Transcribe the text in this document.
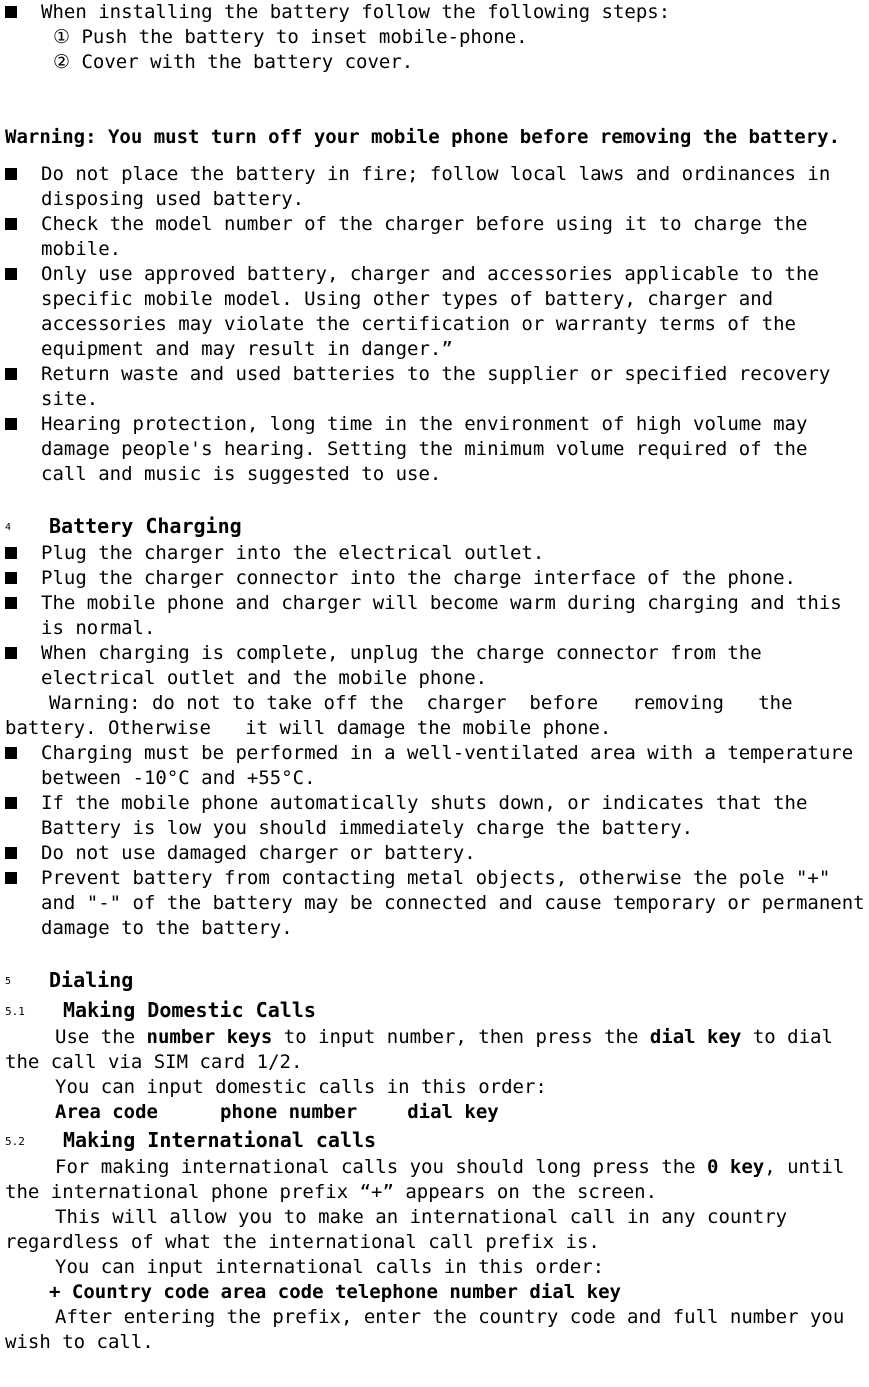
When installing the battery follow the following steps:
① Push the battery to inset mobile-phone.
② Cover with the battery cover.
Warning: You must turn off your mobile phone before removing the battery.
Do not place the battery in fire; follow local laws and ordinances in
disposing used battery.
Check the model number of the charger before using it to charge the
mobile.
Only use approved battery, charger and accessories applicable to the
specific mobile model. Using other types of battery, charger and
accessories may violate the certification or warranty terms of the
equipment and may result in danger.”
Return waste and used batteries to the supplier or specified recovery
site.
Hearing protection, long time in the environment of high volume may
damage people's hearing. Setting the minimum volume required of the
call and music is suggested to use.
4 Battery Charging
Plug the charger into the electrical outlet.
Plug the charger connector into the charge interface of the phone.
The mobile phone and charger will become warm during charging and this
is normal.
When charging is complete, unplug the charge connector from the
electrical outlet and the mobile phone.
Warning: do not to take off the  charger  before   removing   the
battery. Otherwise   it will damage the mobile phone.
Charging must be performed in a well-ventilated area with a temperature
between -10°C and +55°C.
If the mobile phone automatically shuts down, or indicates that the
Battery is low you should immediately charge the battery.
Do not use damaged charger or battery.
Prevent battery from contacting metal objects, otherwise the pole "+"
and "-" of the battery may be connected and cause temporary or permanent
damage to the battery.
5 Dialing
5.1 Making Domestic Calls
Use the number keys to input number, then press the dial key to dial
the call via SIM card 1/2.
You can input domestic calls in this order:
Area code	phone number	dial key
5.2 Making International calls
For making international calls you should long press the 0 key, until
the international phone prefix “+” appears on the screen.
This will allow you to make an international call in any country
regardless of what the international call prefix is.
You can input international calls in this order:
+ Country code area code telephone number dial key
After entering the prefix, enter the country code and full number you
wish to call.
